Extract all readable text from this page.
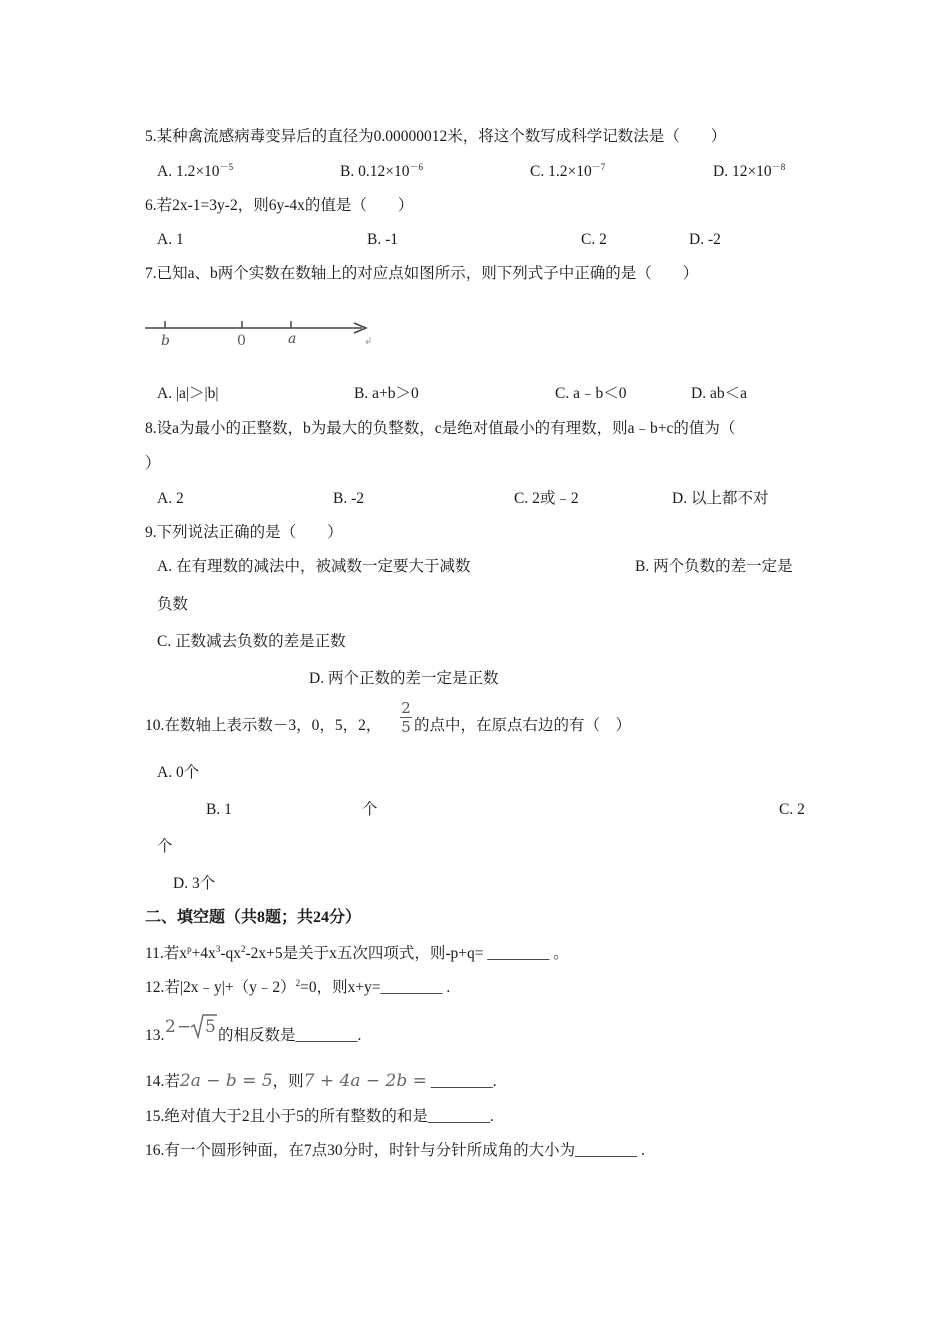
5.某种禽流感病毒变异后的直径为0.00000012米，将这个数写成科学记数法是（　　）
A. $1.2\times 10^{-5}$	B. $0.12\times 10^{-6}$	C. $1.2\times 10^{-7}$	D. $12\times 10^{-8}$
6.若2x-1=3y-2，则6y-4x的值是（　　）
A. 1	B. -1	C. 2	D. -2
7.已知a、b两个实数在数轴上的对应点如图所示，则下列式子中正确的是（　　）
b	0	a
A. |a|＞|b|	B. a+b＞0	C. a﹣b＜0	D. ab＜a
8.设a为最小的正整数，b为最大的负整数，c是绝对值最小的有理数，则a﹣b+c的值为（
）
A. 2	B. -2	C. 2或﹣2	D. 以上都不对
9.下列说法正确的是（　　）
A. 在有理数的减法中，被减数一定要大于减数	B. 两个负数的差一定是
负数
C. 正数减去负数的差是正数
D. 两个正数的差一定是正数
10.在数轴上表示数－3，0，5，2，
2
5 的点中，在原点右边的有（　）
A. 0个
B. 1	个	C. 2
个
D. 3个
二、填空题（共8题；共24分）
11.若$x^p+4x^3-qx^2-2x+5$是关于x五次四项式，则-p+q= ________ 。
12.若|2x﹣y|+（y﹣2）$^2$=0，则x+y=________ .
13. 2 − 5 的相反数是________.
14.若2a − b = 5，则7 + 4a − 2b = ________.
15.绝对值大于2且小于5的所有整数的和是________.
16.有一个圆形钟面，在7点30分时，时针与分针所成角的大小为________ .
